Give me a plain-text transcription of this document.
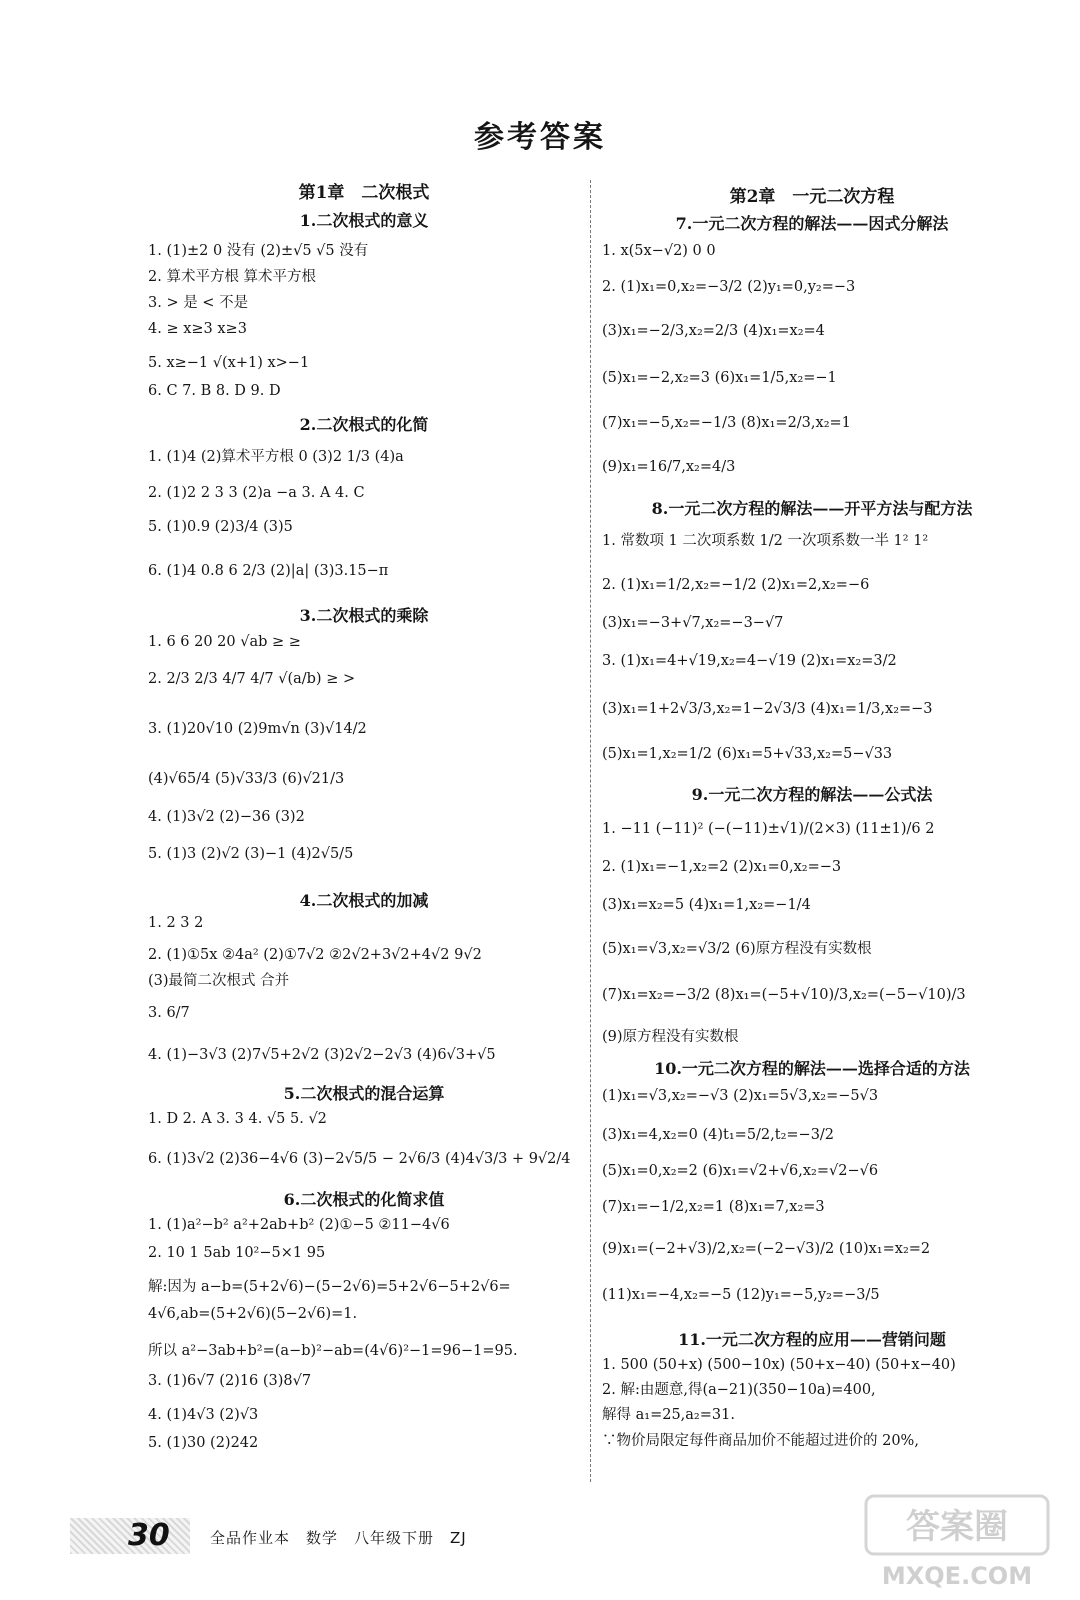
参考答案
第1章　二次根式
1.二次根式的意义
1. (1)±2 0 没有 (2)±√5 √5 没有
2. 算术平方根 算术平方根
3. > 是 < 不是
4. ≥ x≥3 x≥3
5. x≥−1 √(x+1) x>−1
6. C 7. B 8. D 9. D
2.二次根式的化简
1. (1)4 (2)算术平方根 0 (3)2 1/3 (4)a
2. (1)2 2 3 3 (2)a −a 3. A 4. C
5. (1)0.9 (2)3/4 (3)5
6. (1)4 0.8 6 2/3 (2)|a| (3)3.15−π
3.二次根式的乘除
1. 6 6 20 20 √ab ≥ ≥
2. 2/3 2/3 4/7 4/7 √(a/b) ≥ >
3. (1)20√10 (2)9m√n (3)√14/2
(4)√65/4 (5)√33/3 (6)√21/3
4. (1)3√2 (2)−36 (3)2
5. (1)3 (2)√2 (3)−1 (4)2√5/5
4.二次根式的加减
1. 2 3 2
2. (1)①5x ②4a² (2)①7√2 ②2√2+3√2+4√2 9√2
(3)最简二次根式 合并
3. 6/7
4. (1)−3√3 (2)7√5+2√2 (3)2√2−2√3 (4)6√3+√5
5.二次根式的混合运算
1. D 2. A 3. 3 4. √5 5. √2
6. (1)3√2 (2)36−4√6 (3)−2√5/5 − 2√6/3 (4)4√3/3 + 9√2/4
6.二次根式的化简求值
1. (1)a²−b² a²+2ab+b² (2)①−5 ②11−4√6
2. 10 1 5ab 10²−5×1 95
解:因为 a−b=(5+2√6)−(5−2√6)=5+2√6−5+2√6=
4√6,ab=(5+2√6)(5−2√6)=1.
所以 a²−3ab+b²=(a−b)²−ab=(4√6)²−1=96−1=95.
3. (1)6√7 (2)16 (3)8√7
4. (1)4√3 (2)√3
5. (1)30 (2)242
第2章　一元二次方程
7.一元二次方程的解法——因式分解法
1. x(5x−√2) 0 0
2. (1)x₁=0,x₂=−3/2 (2)y₁=0,y₂=−3
(3)x₁=−2/3,x₂=2/3 (4)x₁=x₂=4
(5)x₁=−2,x₂=3 (6)x₁=1/5,x₂=−1
(7)x₁=−5,x₂=−1/3 (8)x₁=2/3,x₂=1
(9)x₁=16/7,x₂=4/3
8.一元二次方程的解法——开平方法与配方法
1. 常数项 1 二次项系数 1/2 一次项系数一半 1² 1²
2. (1)x₁=1/2,x₂=−1/2 (2)x₁=2,x₂=−6
(3)x₁=−3+√7,x₂=−3−√7
3. (1)x₁=4+√19,x₂=4−√19 (2)x₁=x₂=3/2
(3)x₁=1+2√3/3,x₂=1−2√3/3 (4)x₁=1/3,x₂=−3
(5)x₁=1,x₂=1/2 (6)x₁=5+√33,x₂=5−√33
9.一元二次方程的解法——公式法
1. −11 (−11)² (−(−11)±√1)/(2×3) (11±1)/6 2
2. (1)x₁=−1,x₂=2 (2)x₁=0,x₂=−3
(3)x₁=x₂=5 (4)x₁=1,x₂=−1/4
(5)x₁=√3,x₂=√3/2 (6)原方程没有实数根
(7)x₁=x₂=−3/2 (8)x₁=(−5+√10)/3,x₂=(−5−√10)/3
(9)原方程没有实数根
10.一元二次方程的解法——选择合适的方法
(1)x₁=√3,x₂=−√3 (2)x₁=5√3,x₂=−5√3
(3)x₁=4,x₂=0 (4)t₁=5/2,t₂=−3/2
(5)x₁=0,x₂=2 (6)x₁=√2+√6,x₂=√2−√6
(7)x₁=−1/2,x₂=1 (8)x₁=7,x₂=3
(9)x₁=(−2+√3)/2,x₂=(−2−√3)/2 (10)x₁=x₂=2
(11)x₁=−4,x₂=−5 (12)y₁=−5,y₂=−3/5
11.一元二次方程的应用——营销问题
1. 500 (50+x) (500−10x) (50+x−40) (50+x−40)
2. 解:由题意,得(a−21)(350−10a)=400,
解得 a₁=25,a₂=31.
∵物价局限定每件商品加价不能超过进价的 20%,
30	全品作业本　数学　八年级下册　ZJ	答案圈
MXQE.COM
